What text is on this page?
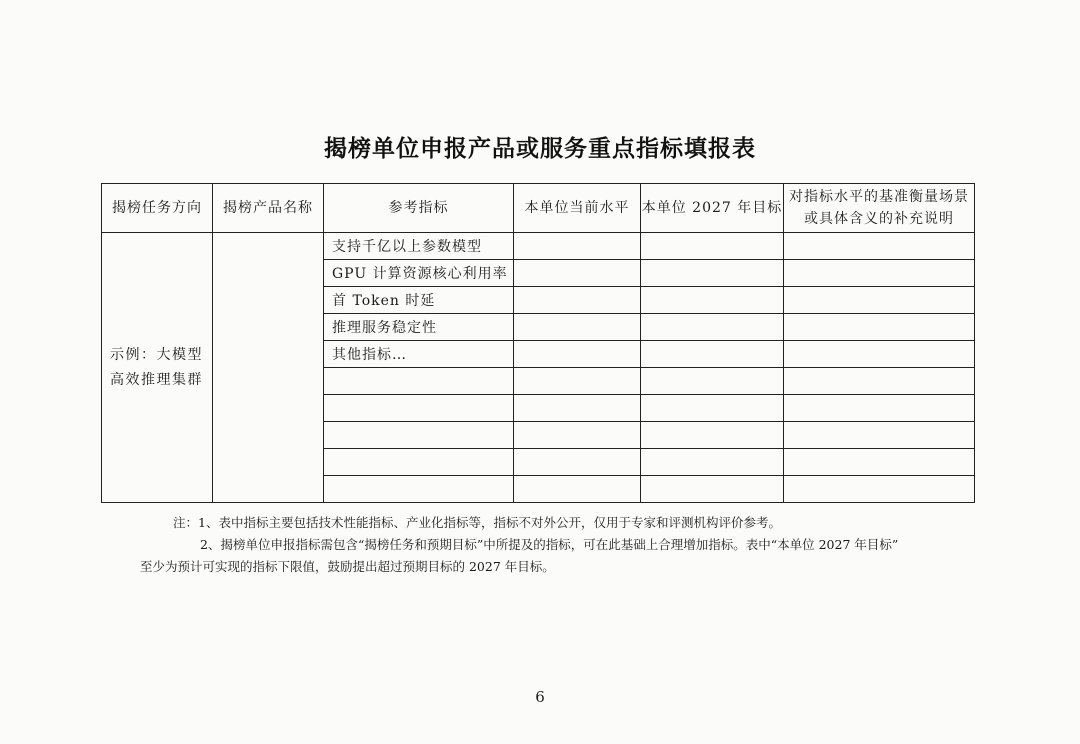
揭榜单位申报产品或服务重点指标填报表
揭榜任务方向	揭榜产品名称	参考指标	本单位当前水平	本单位 2027 年目标	对指标水平的基准衡量场景或具体含义的补充说明
示例：大模型高效推理集群		支持千亿以上参数模型			
		GPU 计算资源核心利用率			
		首 Token 时延			
		推理服务稳定性			
		其他指标…			

注：1、表中指标主要包括技术性能指标、产业化指标等，指标不对外公开，仅用于专家和评测机构评价参考。

2、揭榜单位申报指标需包含“揭榜任务和预期目标”中所提及的指标，可在此基础上合理增加指标。表中“本单位 2027 年目标”

至少为预计可实现的指标下限值，鼓励提出超过预期目标的 2027 年目标。

6
